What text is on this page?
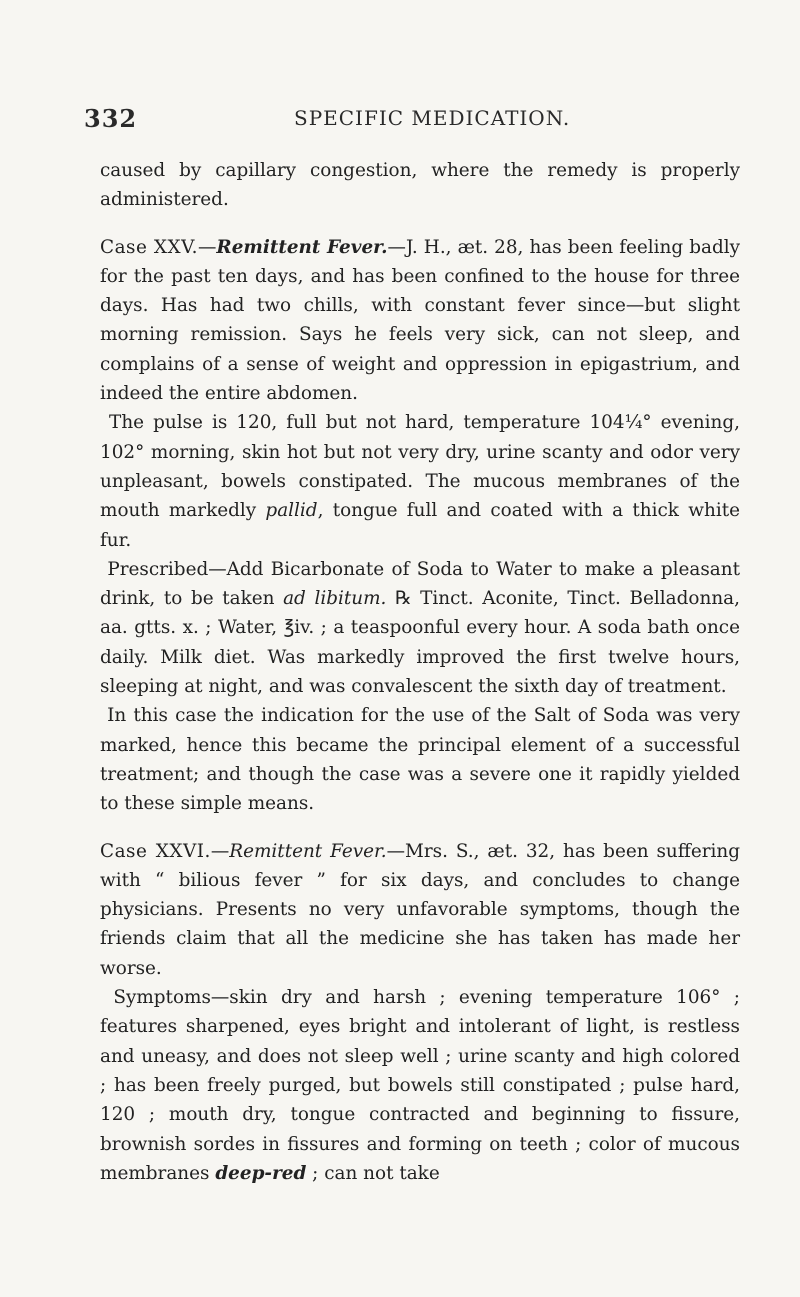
332	SPECIFIC MEDICATION.

caused by capillary congestion, where the remedy is properly administered.

Case XXV.—Remittent Fever.—J. H., æt. 28, has been feeling badly for the past ten days, and has been confined to the house for three days. Has had two chills, with constant fever since—but slight morning remission. Says he feels very sick, can not sleep, and complains of a sense of weight and oppression in epigastrium, and indeed the entire abdomen.

The pulse is 120, full but not hard, temperature 104¼° evening, 102° morning, skin hot but not very dry, urine scanty and odor very unpleasant, bowels constipated. The mucous membranes of the mouth markedly pallid, tongue full and coated with a thick white fur.

Prescribed—Add Bicarbonate of Soda to Water to make a pleasant drink, to be taken ad libitum. ℞ Tinct. Aconite, Tinct. Belladonna, aa. gtts. x. ; Water, ℥iv. ; a teaspoonful every hour. A soda bath once daily. Milk diet. Was markedly improved the first twelve hours, sleeping at night, and was convalescent the sixth day of treatment.

In this case the indication for the use of the Salt of Soda was very marked, hence this became the principal element of a successful treatment; and though the case was a severe one it rapidly yielded to these simple means.

Case XXVI.—Remittent Fever.—Mrs. S., æt. 32, has been suffering with “ bilious fever ” for six days, and concludes to change physicians. Presents no very unfavorable symptoms, though the friends claim that all the medicine she has taken has made her worse.

Symptoms—skin dry and harsh ; evening temperature 106° ; features sharpened, eyes bright and intolerant of light, is restless and uneasy, and does not sleep well ; urine scanty and high colored ; has been freely purged, but bowels still constipated ; pulse hard, 120 ; mouth dry, tongue contracted and beginning to fissure, brownish sordes in fissures and forming on teeth ; color of mucous membranes deep-red ; can not take
